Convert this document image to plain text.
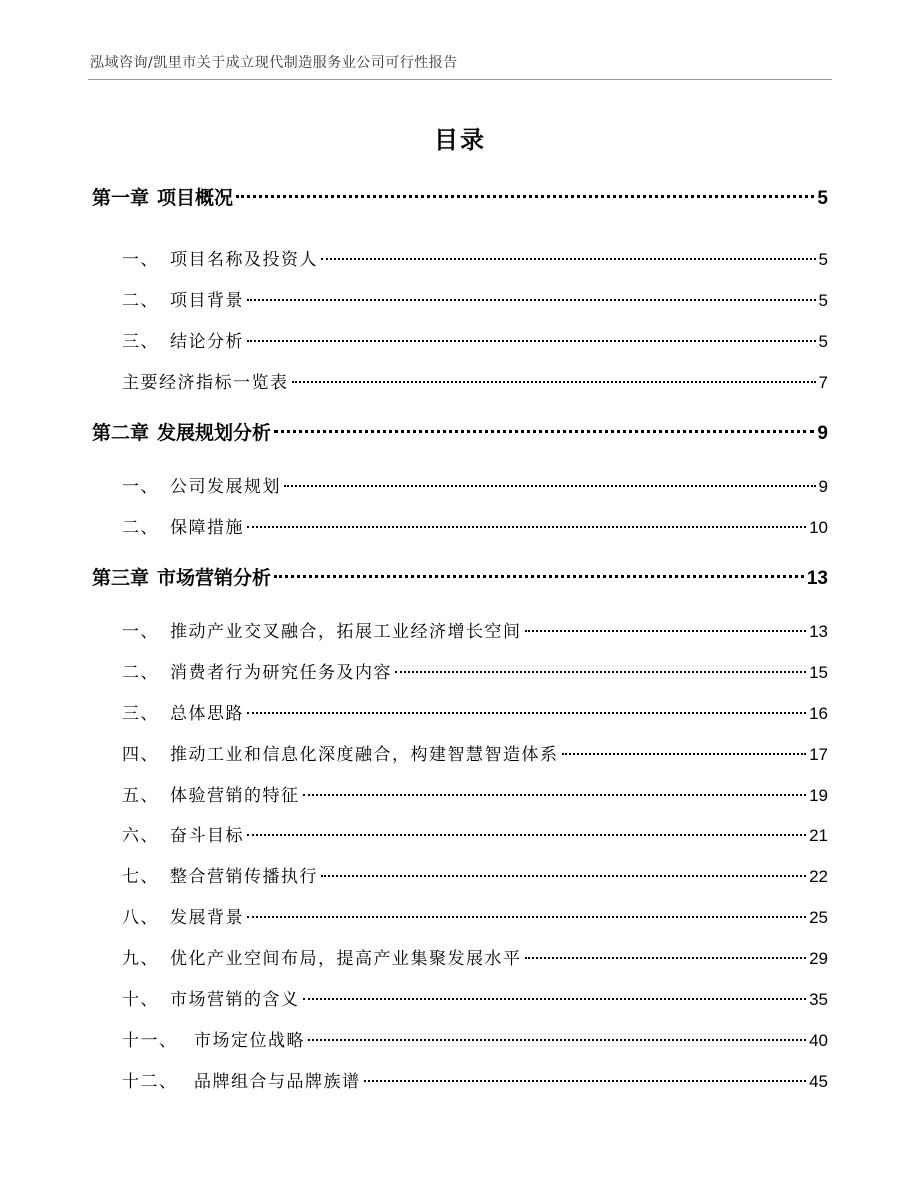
泓域咨询/凯里市关于成立现代制造服务业公司可行性报告
目录
第一章 项目概况	5
一、 项目名称及投资人	5
二、 项目背景	5
三、 结论分析	5
主要经济指标一览表	7
第二章 发展规划分析	9
一、 公司发展规划	9
二、 保障措施	10
第三章 市场营销分析	13
一、 推动产业交叉融合，拓展工业经济增长空间	13
二、 消费者行为研究任务及内容	15
三、 总体思路	16
四、 推动工业和信息化深度融合，构建智慧智造体系	17
五、 体验营销的特征	19
六、 奋斗目标	21
七、 整合营销传播执行	22
八、 发展背景	25
九、 优化产业空间布局，提高产业集聚发展水平	29
十、 市场营销的含义	35
十一、 市场定位战略	40
十二、 品牌组合与品牌族谱	45
